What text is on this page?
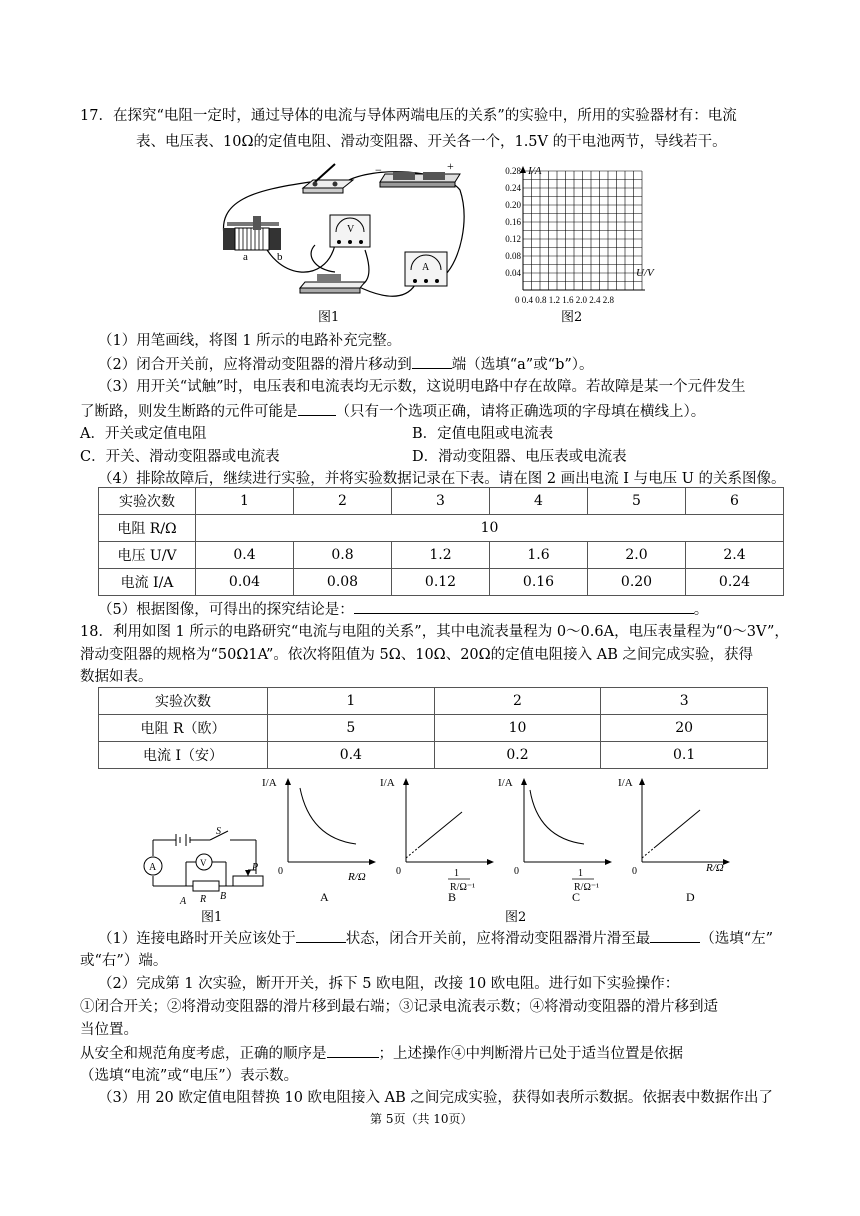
17．在探究“电阻一定时，通过导体的电流与导体两端电压的关系”的实验中，所用的实验器材有：电流
表、电压表、10Ω的定值电阻、滑动变阻器、开关各一个，1.5V 的干电池两节，导线若干。
−	+
a	b
V
A
图1
I/A
U/V
0.28
0.24
0.20
0.16
0.12
0.08
0.04
0 0.4 0.8 1.2 1.6 2.0 2.4 2.8
图2
（1）用笔画线，将图 1 所示的电路补充完整。
（2）闭合开关前，应将滑动变阻器的滑片移动到	端（选填“a”或“b”）。
（3）用开关“试触”时，电压表和电流表均无示数，这说明电路中存在故障。若故障是某一个元件发生
了断路，则发生断路的元件可能是	（只有一个选项正确，请将正确选项的字母填在横线上）。
A．开关或定值电阻	B．定值电阻或电流表
C．开关、滑动变阻器或电流表	D．滑动变阻器、电压表或电流表
（4）排除故障后，继续进行实验，并将实验数据记录在下表。请在图 2 画出电流 I 与电压 U 的关系图像。
实验次数	1	2	3	4	5	6
电阻 R/Ω	10					
电压 U/V	0.4	0.8	1.2	1.6	2.0	2.4
电流 I/A	0.04	0.08	0.12	0.16	0.20	0.24
（5）根据图像，可得出的探究结论是：	。
18．利用如图 1 所示的电路研究“电流与电阻的关系”，其中电流表量程为 0～0.6A，电压表量程为“0～3V”，
滑动变阻器的规格为“50Ω1A”。依次将阻值为 5Ω、10Ω、20Ω的定值电阻接入 AB 之间完成实验，获得
数据如表。
实验次数	1	2	3
电阻 R（欧）	5	10	20
电流 I（安）	0.4	0.2	0.1
A	V
S
P
R
A	B
图1
I/A
0	R/Ω
A
I/A
0	1
R/Ω⁻¹
B
I/A
0	1
R/Ω⁻¹
C
I/A
0	R/Ω
D
图2
（1）连接电路时开关应该处于	状态，闭合开关前，应将滑动变阻器滑片滑至最	（选填“左”
或“右”）端。
（2）完成第 1 次实验，断开开关，拆下 5 欧电阻，改接 10 欧电阻。进行如下实验操作：
①闭合开关；②将滑动变阻器的滑片移到最右端；③记录电流表示数；④将滑动变阻器的滑片移到适
当位置。
从安全和规范角度考虑，正确的顺序是	；上述操作④中判断滑片已处于适当位置是依据
（选填“电流”或“电压”）表示数。
（3）用 20 欧定值电阻替换 10 欧电阻接入 AB 之间完成实验，获得如表所示数据。依据表中数据作出了
第 5页（共 10页）
